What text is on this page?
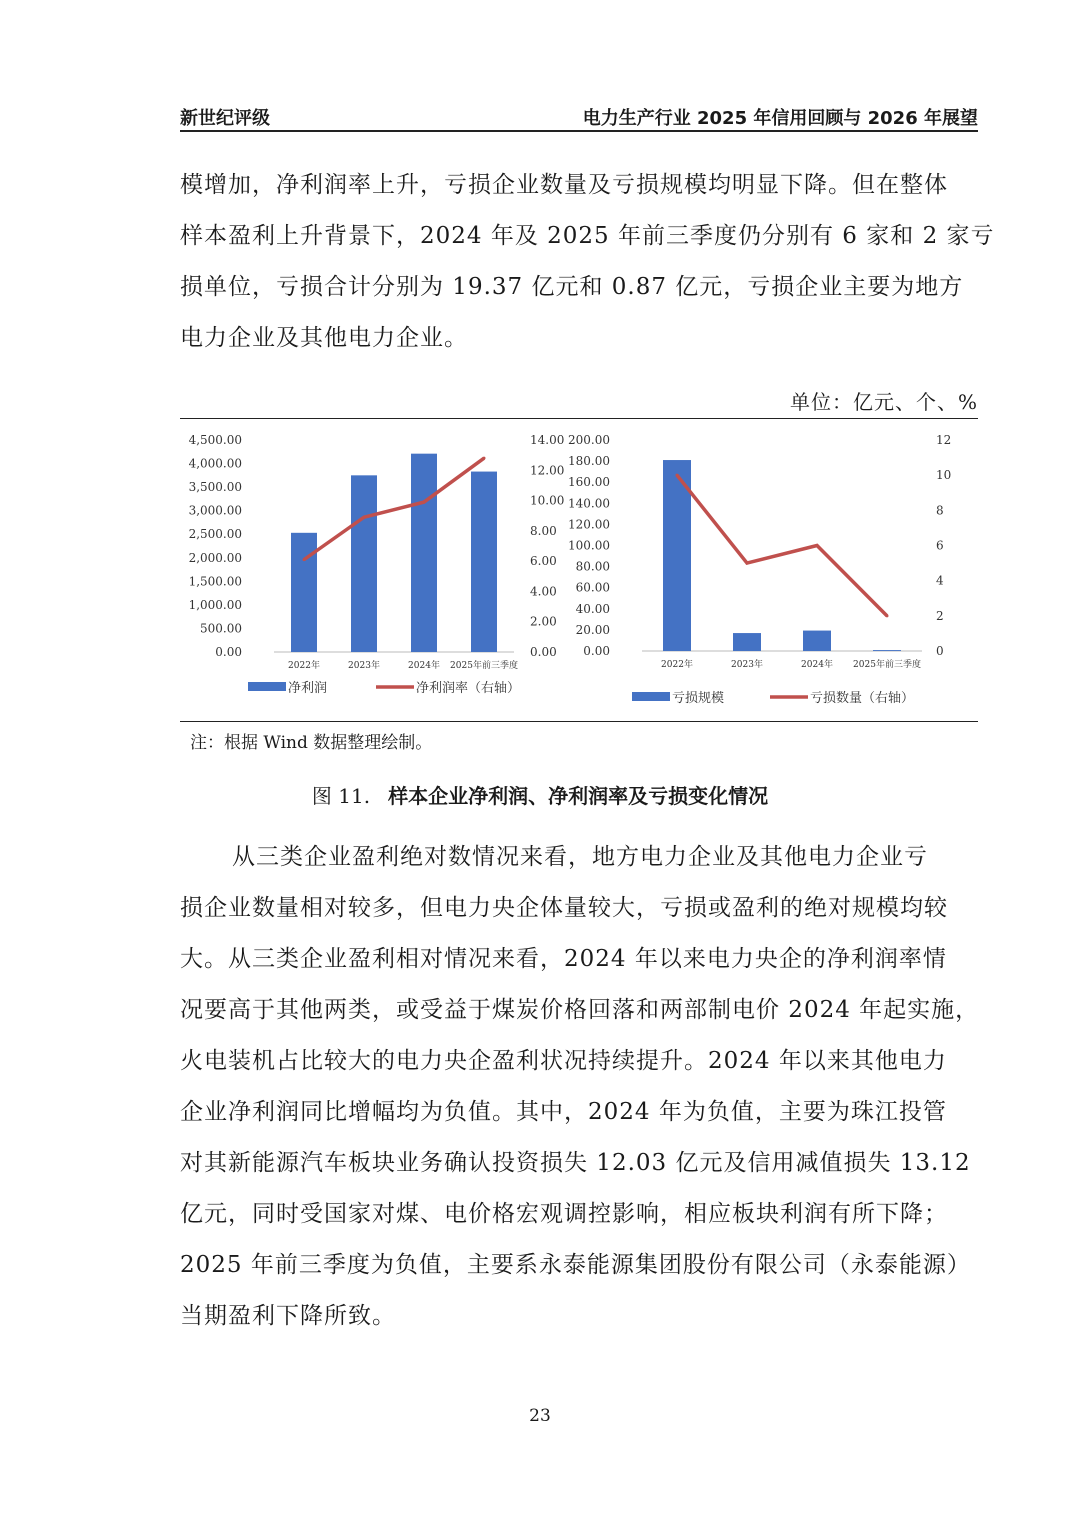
新世纪评级	电力生产行业 2025 年信用回顾与 2026 年展望
模增加，净利润率上升，亏损企业数量及亏损规模均明显下降。但在整体
样本盈利上升背景下，2024 年及 2025 年前三季度仍分别有 6 家和 2 家亏
损单位，亏损合计分别为 19.37 亿元和 0.87 亿元，亏损企业主要为地方
电力企业及其他电力企业。
单位：亿元、个、%
0.00
500.00
1,000.00
1,500.00
2,000.00
2,500.00
3,000.00
3,500.00
4,000.00
4,500.00
0.00
2.00
4.00
6.00
8.00
10.00
12.00
14.00
2022年	2023年	2024年 2025年前三季度
净利润	净利润率（右轴）
0.00
20.00
40.00
60.00
80.00
100.00
120.00
140.00
160.00
180.00
200.00
0
2
4
6
8
10
12
2022年	2023年	2024年 2025年前三季度
亏损规模	亏损数量（右轴）
注：根据 Wind 数据整理绘制。
图 11. 样本企业净利润、净利润率及亏损变化情况
从三类企业盈利绝对数情况来看，地方电力企业及其他电力企业亏
损企业数量相对较多，但电力央企体量较大，亏损或盈利的绝对规模均较
大。从三类企业盈利相对情况来看，2024 年以来电力央企的净利润率情
况要高于其他两类，或受益于煤炭价格回落和两部制电价 2024 年起实施，
火电装机占比较大的电力央企盈利状况持续提升。2024 年以来其他电力
企业净利润同比增幅均为负值。其中，2024 年为负值，主要为珠江投管
对其新能源汽车板块业务确认投资损失 12.03 亿元及信用减值损失 13.12
亿元，同时受国家对煤、电价格宏观调控影响，相应板块利润有所下降；
2025 年前三季度为负值，主要系永泰能源集团股份有限公司（永泰能源）
当期盈利下降所致。
23
